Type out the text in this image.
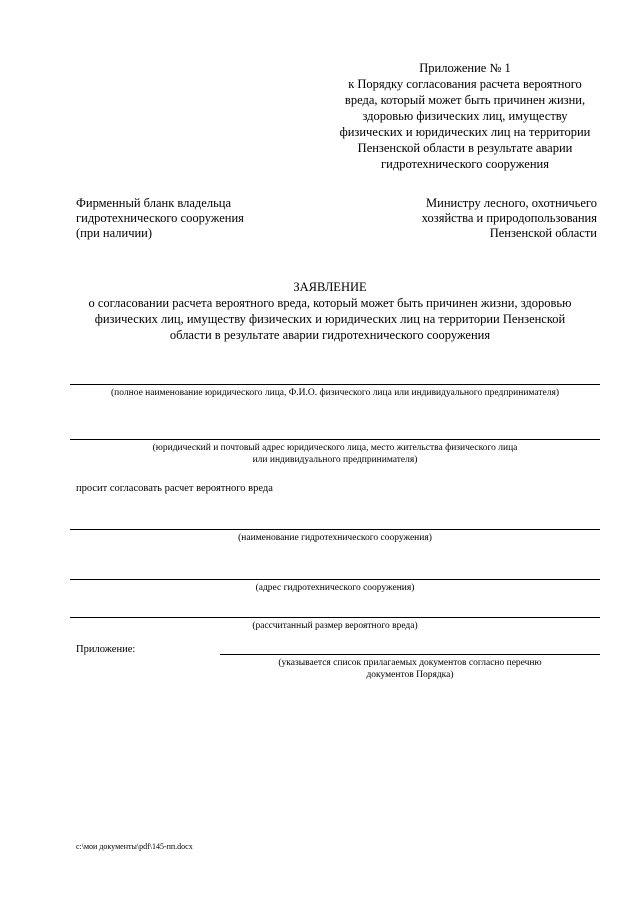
Приложение № 1
к Порядку согласования расчета вероятного
вреда, который может быть причинен жизни,
здоровью физических лиц, имуществу
физических и юридических лиц на территории
Пензенской области в результате аварии
гидротехнического сооружения
Фирменный бланк владельца
гидротехнического сооружения
(при наличии)
Министру лесного, охотничьего
хозяйства и природопользования
Пензенской области
ЗАЯВЛЕНИЕ
о согласовании расчета вероятного вреда, который может быть причинен жизни, здоровью
физических лиц, имуществу физических и юридических лиц на территории Пензенской
области в результате аварии гидротехнического сооружения
(полное наименование юридического лица, Ф.И.О. физического лица или индивидуального предпринимателя)
(юридический и почтовый адрес юридического лица, место жительства физического лица
или индивидуального предпринимателя)
просит согласовать расчет вероятного вреда
(наименование гидротехнического сооружения)
(адрес гидротехнического сооружения)
(рассчитанный размер вероятного вреда)
Приложение:
(указывается список прилагаемых документов согласно перечню
документов Порядка)
c:\мои документы\pdf\145-пп.docx
